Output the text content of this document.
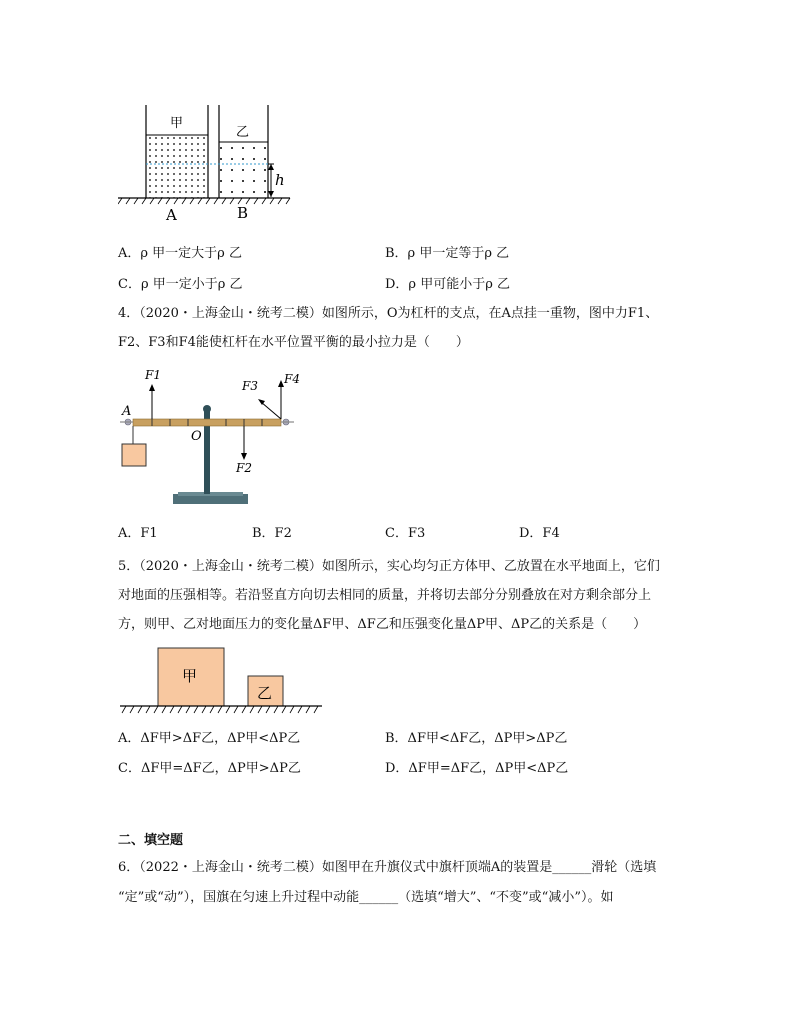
甲
乙
h
A	B
A．ρ 甲一定大于ρ 乙	B．ρ 甲一定等于ρ 乙
C．ρ 甲一定小于ρ 乙	D．ρ 甲可能小于ρ 乙
4．（2020・上海金山・统考二模）如图所示，O为杠杆的支点，在A点挂一重物，图中力F1、
F2、F3和F4能使杠杆在水平位置平衡的最小拉力是（　　）
F1
F2
F3 F4
A
O
A．F1	B．F2	C．F3	D．F4
5．（2020・上海金山・统考二模）如图所示，实心均匀正方体甲、乙放置在水平地面上，它们
对地面的压强相等。若沿竖直方向切去相同的质量，并将切去部分分别叠放在对方剩余部分上
方，则甲、乙对地面压力的变化量ΔF甲、ΔF乙和压强变化量ΔP甲、ΔP乙的关系是（　　）
甲
乙
A．ΔF甲>ΔF乙，ΔP甲<ΔP乙	B．ΔF甲<ΔF乙，ΔP甲>ΔP乙
C．ΔF甲=ΔF乙，ΔP甲>ΔP乙	D．ΔF甲=ΔF乙，ΔP甲<ΔP乙
二、填空题
6．（2022・上海金山・统考二模）如图甲在升旗仪式中旗杆顶端A的装置是______滑轮（选填
“定”或“动”），国旗在匀速上升过程中动能______（选填“增大”、“不变”或“减小”）。如
